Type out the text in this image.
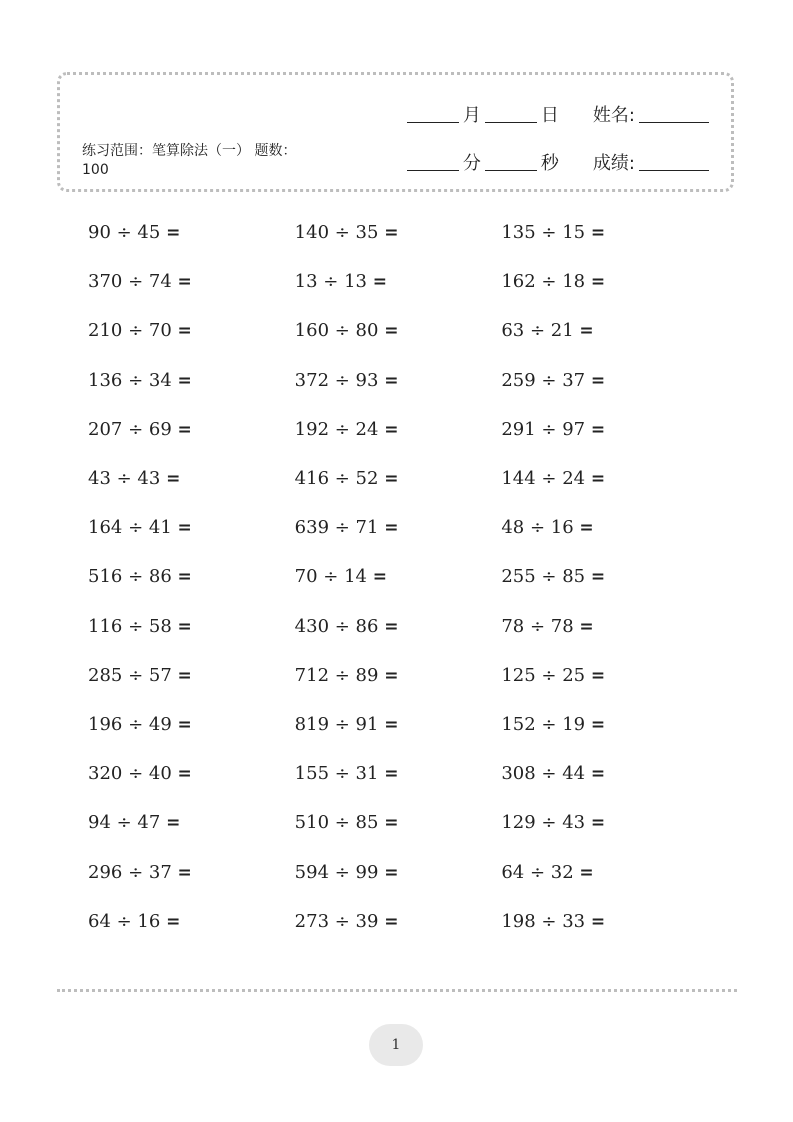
月	日 姓名:
分	秒 成绩:
练习范围：笔算除法（一） 题数：100
90 ÷ 45 =	140 ÷ 35 =	135 ÷ 15 =
370 ÷ 74 =	13 ÷ 13 =	162 ÷ 18 =
210 ÷ 70 =	160 ÷ 80 =	63 ÷ 21 =
136 ÷ 34 =	372 ÷ 93 =	259 ÷ 37 =
207 ÷ 69 =	192 ÷ 24 =	291 ÷ 97 =
43 ÷ 43 =	416 ÷ 52 =	144 ÷ 24 =
164 ÷ 41 =	639 ÷ 71 =	48 ÷ 16 =
516 ÷ 86 =	70 ÷ 14 =	255 ÷ 85 =
116 ÷ 58 =	430 ÷ 86 =	78 ÷ 78 =
285 ÷ 57 =	712 ÷ 89 =	125 ÷ 25 =
196 ÷ 49 =	819 ÷ 91 =	152 ÷ 19 =
320 ÷ 40 =	155 ÷ 31 =	308 ÷ 44 =
94 ÷ 47 =	510 ÷ 85 =	129 ÷ 43 =
296 ÷ 37 =	594 ÷ 99 =	64 ÷ 32 =
64 ÷ 16 =	273 ÷ 39 =	198 ÷ 33 =
1
